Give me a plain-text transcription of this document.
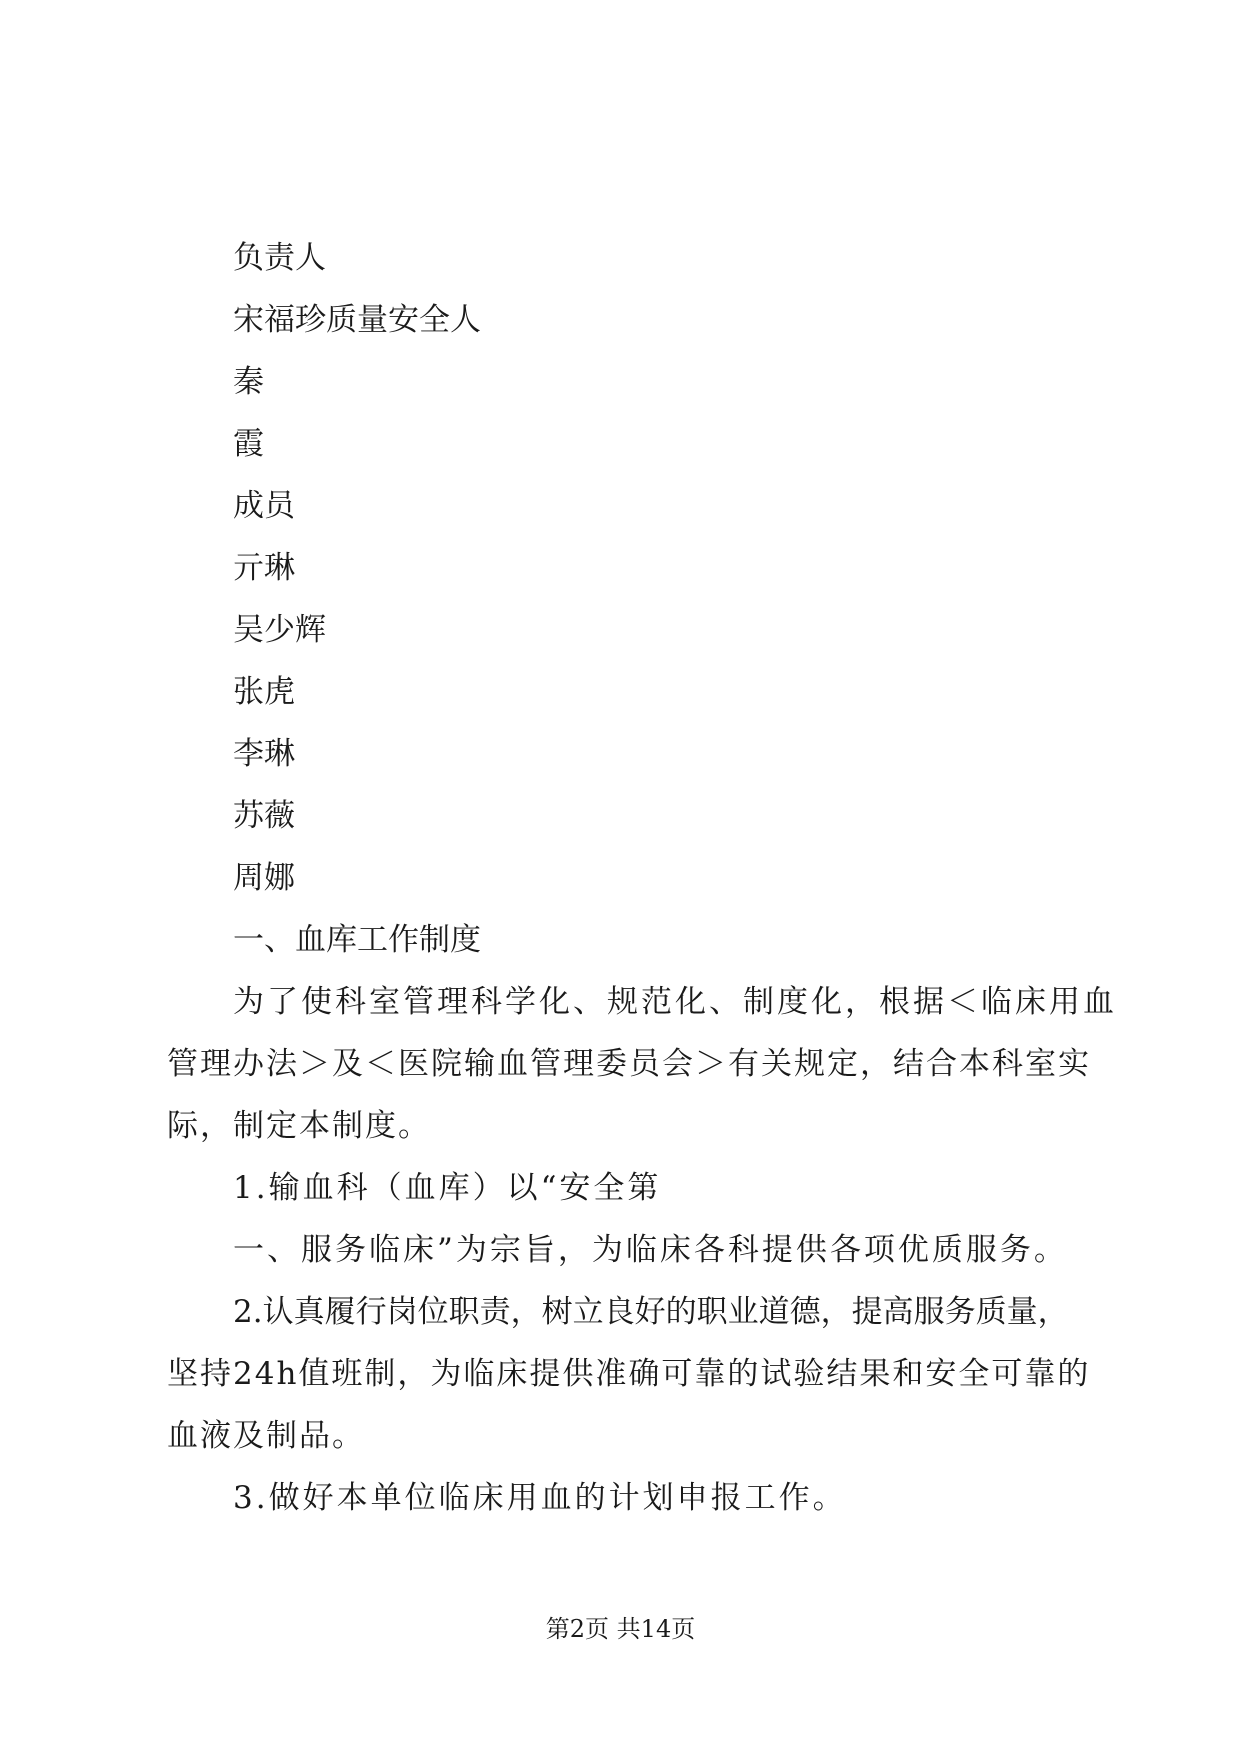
负责人
宋福珍质量安全人
秦
霞
成员
亓琳
吴少辉
张虎
李琳
苏薇
周娜
一、血库工作制度
为了使科室管理科学化、规范化、制度化，根据＜临床用血
管理办法＞及＜医院输血管理委员会＞有关规定，结合本科室实
际，制定本制度。
1.输血科（血库）以“安全第
一、服务临床”为宗旨，为临床各科提供各项优质服务。
2.认真履行岗位职责，树立良好的职业道德，提高服务质量，
坚持24h值班制，为临床提供准确可靠的试验结果和安全可靠的
血液及制品。
3.做好本单位临床用血的计划申报工作。
第2页 共14页
